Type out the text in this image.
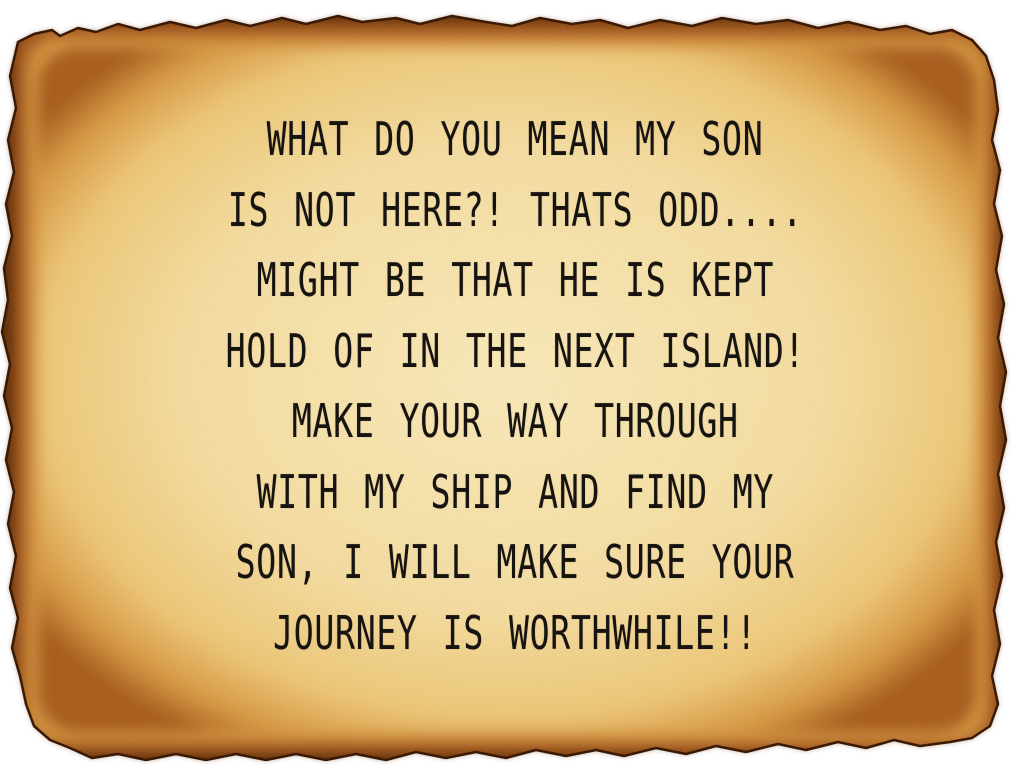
WHAT DO YOU MEAN MY SON
IS NOT HERE?! THATS ODD....
MIGHT BE THAT HE IS KEPT
HOLD OF IN THE NEXT ISLAND!
MAKE YOUR WAY THROUGH
WITH MY SHIP AND FIND MY
SON, I WILL MAKE SURE YOUR
JOURNEY IS WORTHWHILE!!
